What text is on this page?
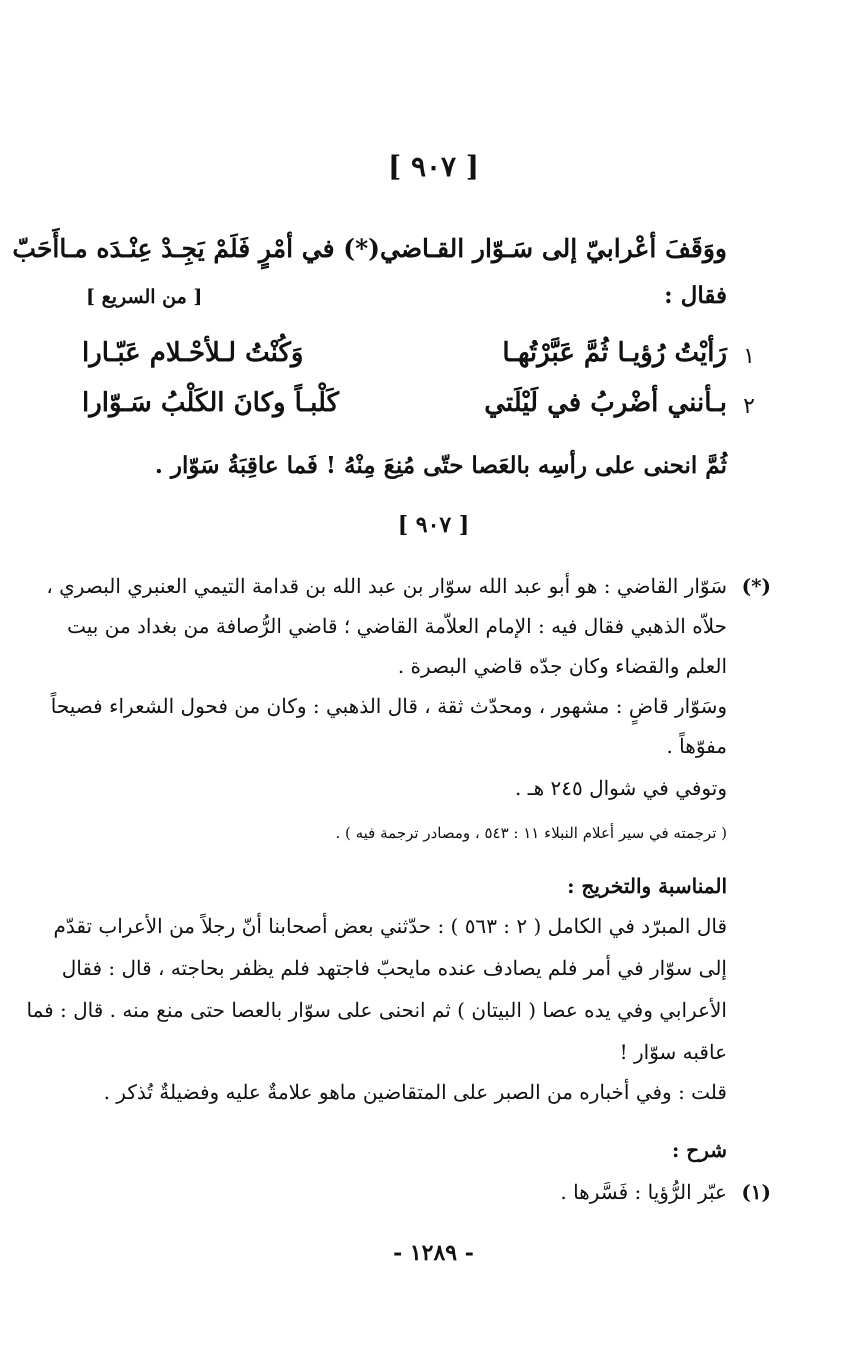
[ ٩٠٧ ]
ووَقَفَ أعْرابيّ إلى سَـوّار القـاضي(*) في أمْرٍ فَلَمْ يَجِـدْ عِنْـدَه مـاأَحَبّ
فقال :
[ من السريع ]
١
رَأيْتُ رُؤيـا ثُمَّ عَبَّرْتُهـا
وَكُنْتُ لـلأحْـلام عَبّـارا
٢
بـأنني أضْربُ في لَيْلَتي
كَلْبـاً وكانَ الكَلْبُ سَـوّارا
ثُمَّ انحنى على رأسِه بالعَصا حتّى مُنِعَ مِنْهُ ! فَما عاقِبَةُ سَوّار .
[ ٩٠٧ ]
(*)
سَوّار القاضي : هو أبو عبد الله سوّار بن عبد الله بن قدامة التيمي العنبري البصري ،
حلاّه الذهبي فقال فيه : الإمام العلاّمة القاضي ؛ قاضي الرُّصافة من بغداد من بيت
العلم والقضاء وكان جدّه قاضي البصرة .
وسَوّار قاضٍ : مشهور ، ومحدّث ثقة ، قال الذهبي : وكان من فحول الشعراء فصيحاً
مفوّهاً .
وتوفي في شوال ٢٤٥ هـ .
( ترجمته في سير أعلام النبلاء ١١ : ٥٤٣ ، ومصادر ترجمة فيه ) .
المناسبة والتخريج :
قال المبرّد في الكامل ( ٢ : ٥٦٣ ) : حدّثني بعض أصحابنا أنّ رجلاً من الأعراب تقدّم
إلى سوّار في أمر فلم يصادف عنده مايحبّ فاجتهد فلم يظفر بحاجته ، قال : فقال
الأعرابي وفي يده عصا ( البيتان ) ثم انحنى على سوّار بالعصا حتى منع منه . قال : فما
عاقبه سوّار !
قلت : وفي أخباره من الصبر على المتقاضين ماهو علامةٌ عليه وفضيلةٌ تُذكر .
شرح :
(١)
عبّر الرُّؤيا : فَسَّرها .
- ١٢٨٩ -
